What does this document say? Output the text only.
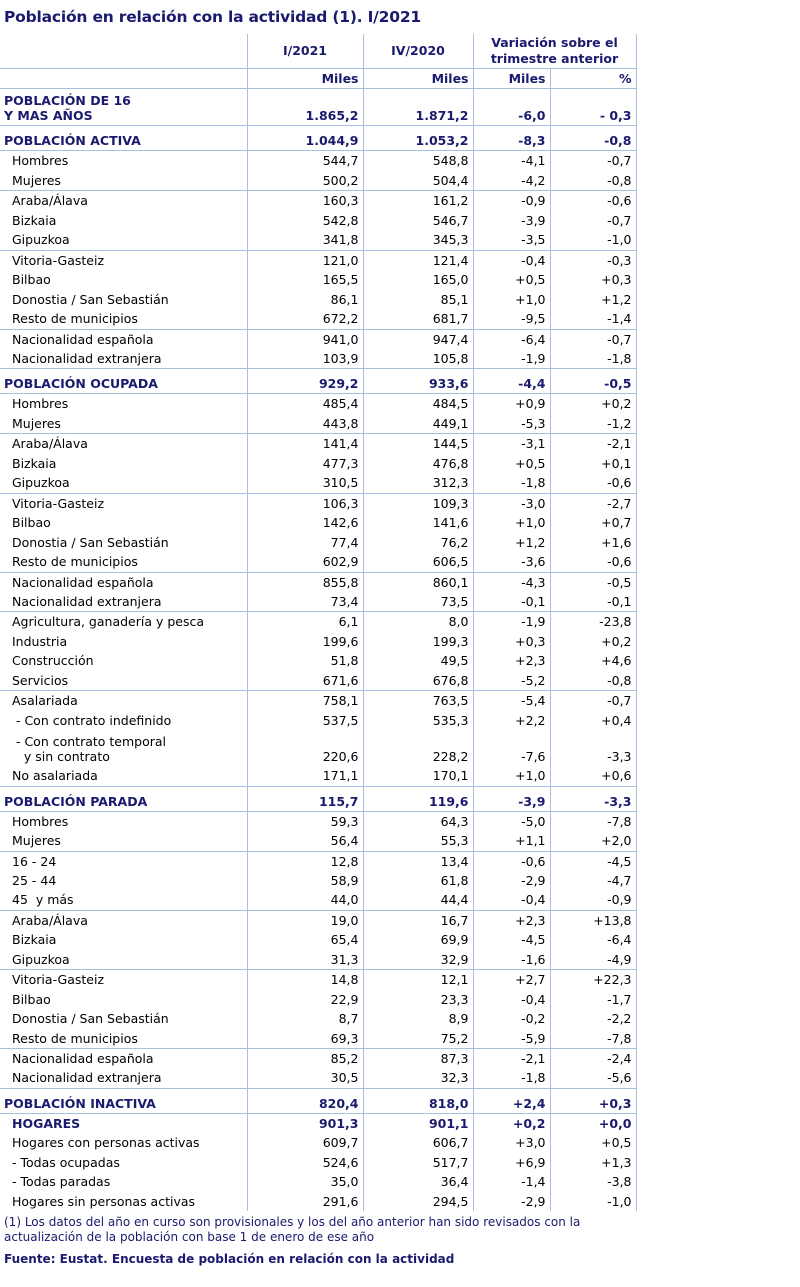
Población en relación con la actividad (1). I/2021
	I/2021	IV/2020	Variación sobre el
trimestre anterior	

	Miles	Miles	Miles	%

POBLACIÓN DE 16
Y MAS AÑOS	1.865,2	1.871,2	-6,0	- 0,3
POBLACIÓN ACTIVA	1.044,9	1.053,2	-8,3	-0,8
Hombres	544,7	548,8	-4,1	-0,7
Mujeres	500,2	504,4	-4,2	-0,8
Araba/Álava	160,3	161,2	-0,9	-0,6
Bizkaia	542,8	546,7	-3,9	-0,7
Gipuzkoa	341,8	345,3	-3,5	-1,0
Vitoria-Gasteiz	121,0	121,4	-0,4	-0,3
Bilbao	165,5	165,0	+0,5	+0,3
Donostia / San Sebastián	86,1	85,1	+1,0	+1,2
Resto de municipios	672,2	681,7	-9,5	-1,4
Nacionalidad española	941,0	947,4	-6,4	-0,7
Nacionalidad extranjera	103,9	105,8	-1,9	-1,8
POBLACIÓN OCUPADA	929,2	933,6	-4,4	-0,5
Hombres	485,4	484,5	+0,9	+0,2
Mujeres	443,8	449,1	-5,3	-1,2
Araba/Álava	141,4	144,5	-3,1	-2,1
Bizkaia	477,3	476,8	+0,5	+0,1
Gipuzkoa	310,5	312,3	-1,8	-0,6
Vitoria-Gasteiz	106,3	109,3	-3,0	-2,7
Bilbao	142,6	141,6	+1,0	+0,7
Donostia / San Sebastián	77,4	76,2	+1,2	+1,6
Resto de municipios	602,9	606,5	-3,6	-0,6
Nacionalidad española	855,8	860,1	-4,3	-0,5
Nacionalidad extranjera	73,4	73,5	-0,1	-0,1
Agricultura, ganadería y pesca	6,1	8,0	-1,9	-23,8
Industria	199,6	199,3	+0,3	+0,2
Construcción	51,8	49,5	+2,3	+4,6
Servicios	671,6	676,8	-5,2	-0,8
Asalariada	758,1	763,5	-5,4	-0,7
- Con contrato indefinido	537,5	535,3	+2,2	+0,4

- Con contrato temporal
y sin contrato	220,6	228,2	-7,6	-3,3
No asalariada	171,1	170,1	+1,0	+0,6
POBLACIÓN PARADA	115,7	119,6	-3,9	-3,3
Hombres	59,3	64,3	-5,0	-7,8
Mujeres	56,4	55,3	+1,1	+2,0
16 - 24	12,8	13,4	-0,6	-4,5
25 - 44	58,9	61,8	-2,9	-4,7
45  y más	44,0	44,4	-0,4	-0,9
Araba/Álava	19,0	16,7	+2,3	+13,8
Bizkaia	65,4	69,9	-4,5	-6,4
Gipuzkoa	31,3	32,9	-1,6	-4,9
Vitoria-Gasteiz	14,8	12,1	+2,7	+22,3
Bilbao	22,9	23,3	-0,4	-1,7
Donostia / San Sebastián	8,7	8,9	-0,2	-2,2
Resto de municipios	69,3	75,2	-5,9	-7,8
Nacionalidad española	85,2	87,3	-2,1	-2,4
Nacionalidad extranjera	30,5	32,3	-1,8	-5,6
POBLACIÓN INACTIVA	820,4	818,0	+2,4	+0,3
HOGARES	901,3	901,1	+0,2	+0,0
Hogares con personas activas	609,7	606,7	+3,0	+0,5
- Todas ocupadas	524,6	517,7	+6,9	+1,3
- Todas paradas	35,0	36,4	-1,4	-3,8
Hogares sin personas activas	291,6	294,5	-2,9	-1,0
(1) Los datos del año en curso son provisionales y los del año anterior han sido revisados con la actualización de la población con base 1 de enero de ese año
Fuente: Eustat. Encuesta de población en relación con la actividad
